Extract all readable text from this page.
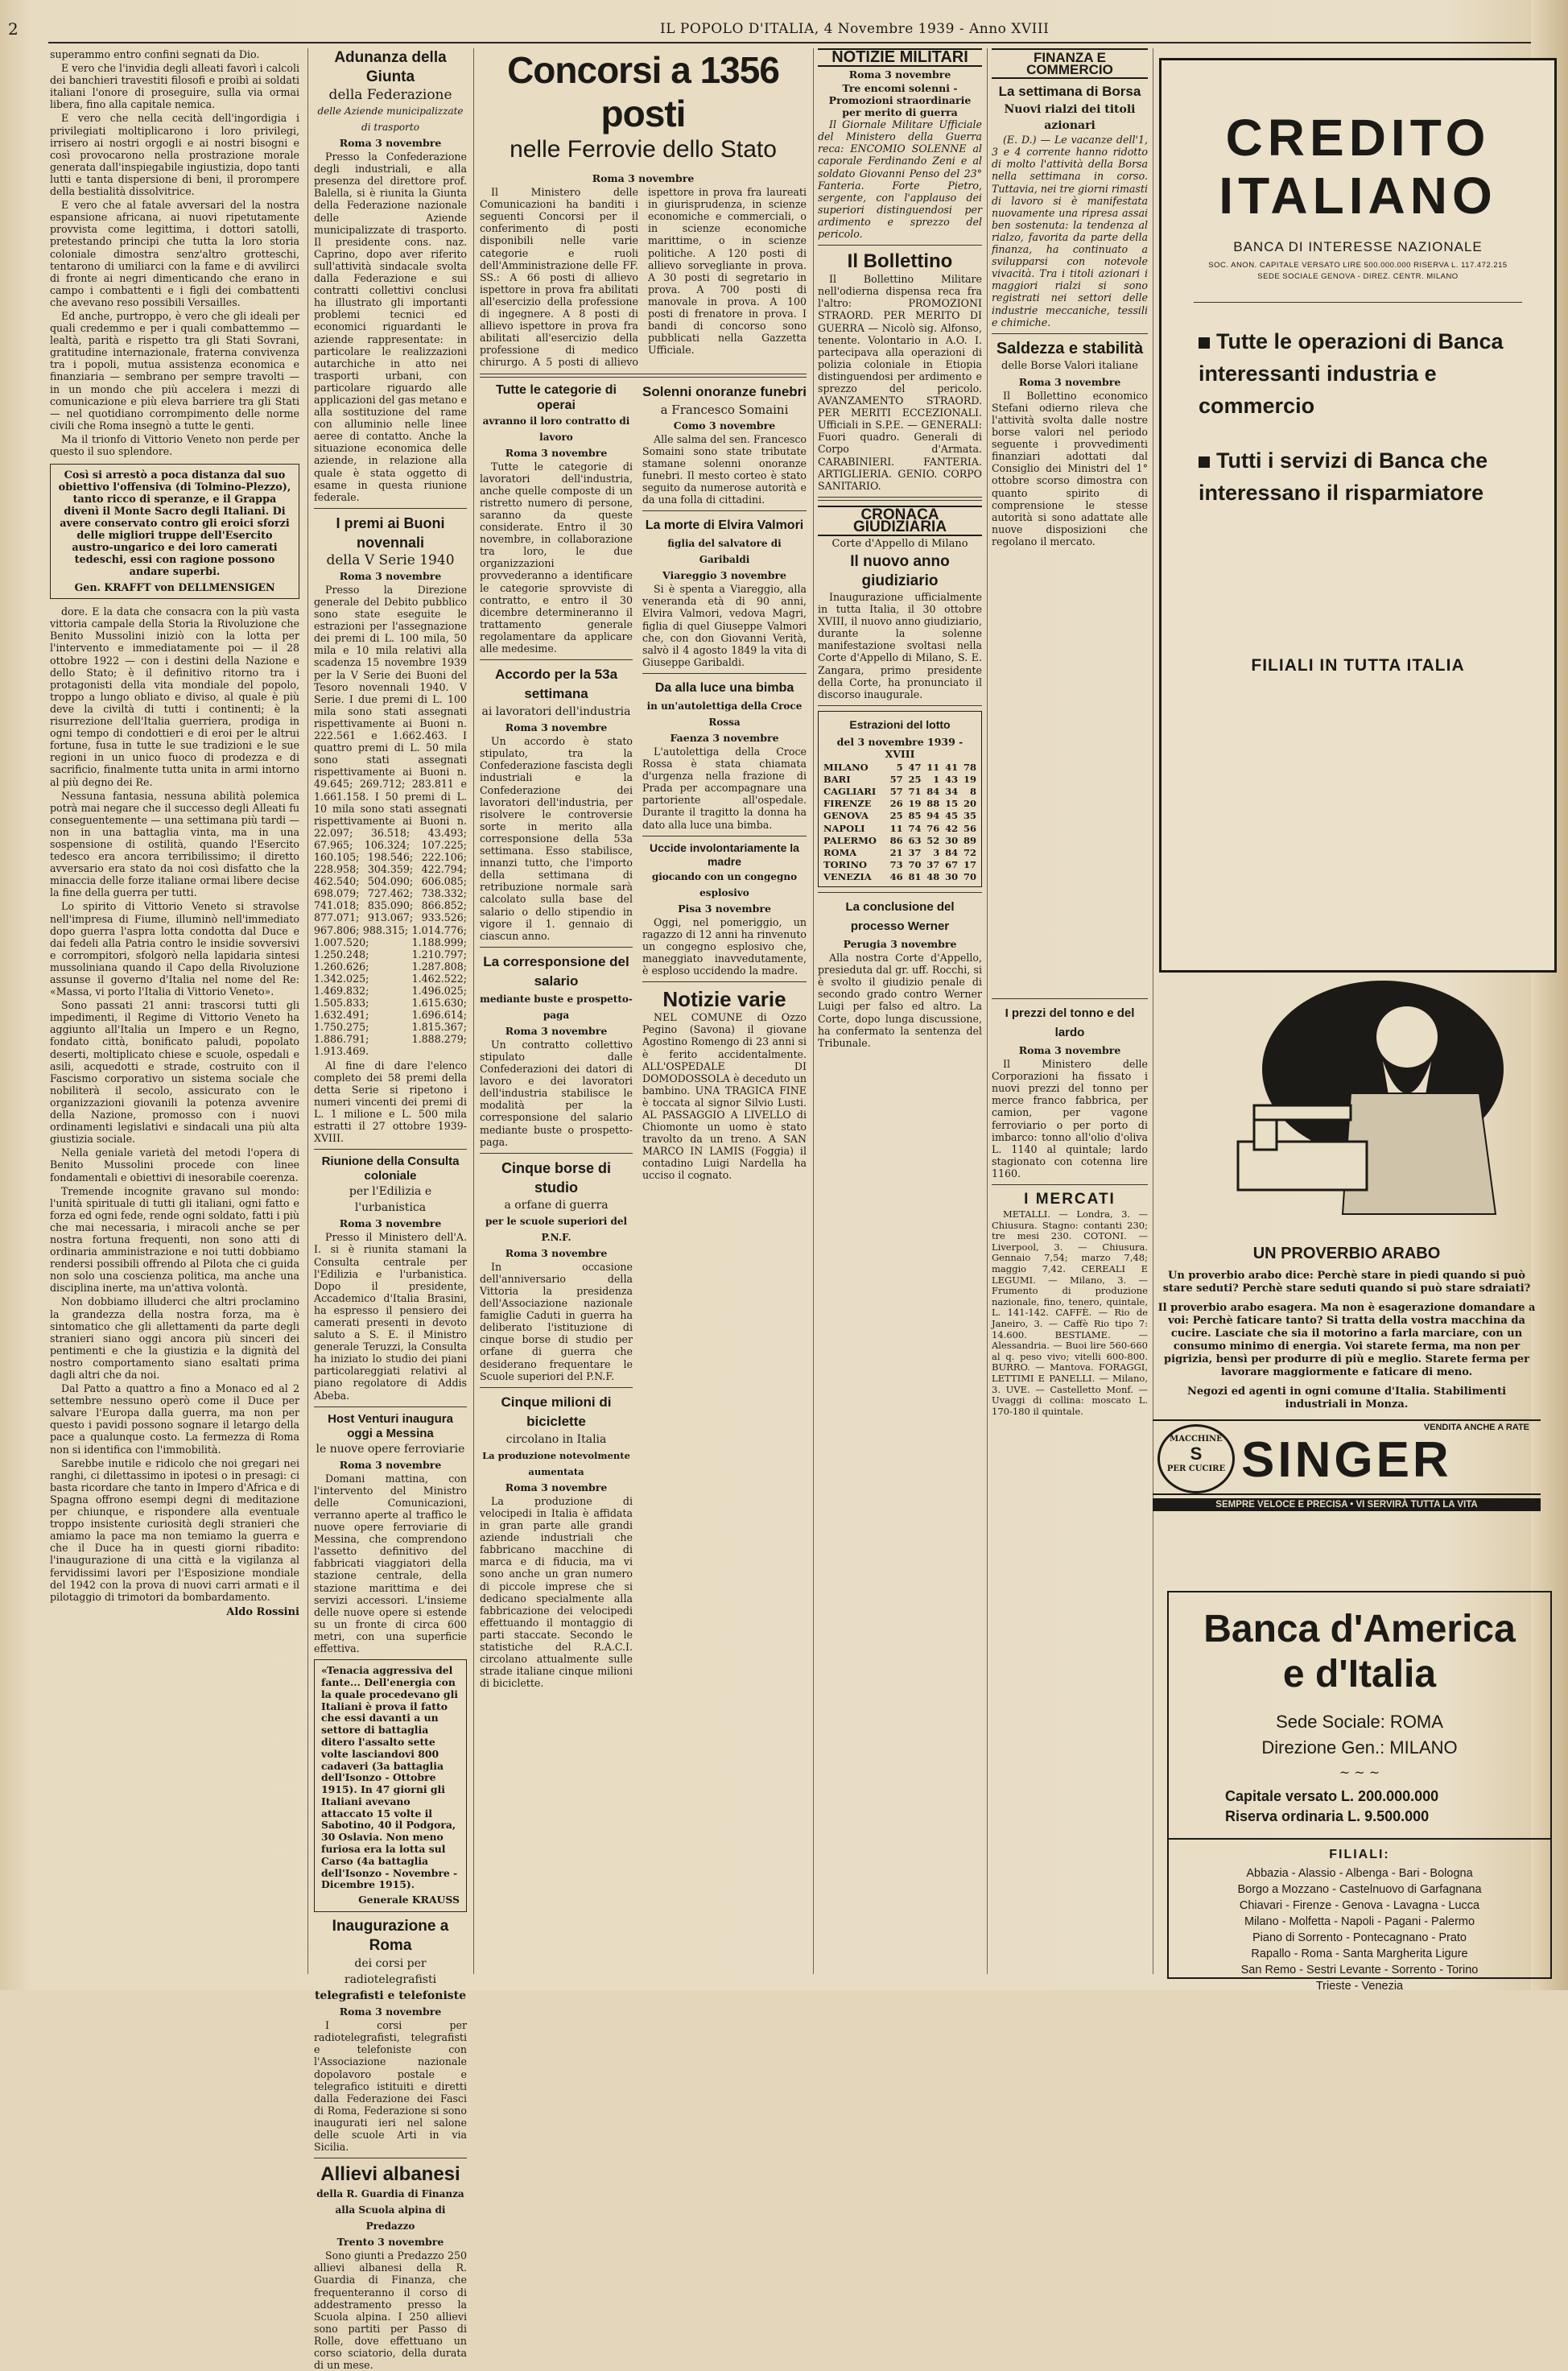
2	IL POPOLO D'ITALIA, 4 Novembre 1939 - Anno XVIII

superammo entro confini segnati da Dio.

E vero che l'invidia degli alleati favorì i calcoli dei banchieri travestiti filosofi e proibì ai soldati italiani l'onore di proseguire, sulla via ormai libera, fino alla capitale nemica.

E vero che nella cecità dell'ingordigia i privilegiati moltiplicarono i loro privilegi, irrisero ai nostri orgogli e ai nostri bisogni e così provocarono nella prostrazione morale generata dall'inspiegabile ingiustizia, dopo tanti lutti e tanta dispersione di beni, il prorompere della bestialità dissolvitrice.

E vero che al fatale avversari del la nostra espansione africana, ai nuovi ripetutamente provvista come legittima, i dottori satolli, pretestando principi che tutta la loro storia coloniale dimostra senz'altro grotteschi, tentarono di umiliarci con la fame e di avvilirci di fronte ai negri dimenticando che erano in campo i combattenti e i figli dei combattenti che avevano reso possibili Versailles.

Ed anche, purtroppo, è vero che gli ideali per quali credemmo e per i quali combattemmo — lealtà, parità e rispetto tra gli Stati Sovrani, gratitudine internazionale, fraterna convivenza tra i popoli, mutua assistenza economica e finanziaria — sembrano per sempre travolti — in un mondo che più accelera i mezzi di comunicazione e più eleva barriere tra gli Stati — nel quotidiano corrompimento delle norme civili che Roma insegnò a tutte le genti.

Ma il trionfo di Vittorio Veneto non perde per questo il suo splendore.

Così si arrestò a poca distanza dal suo obiettivo l'offensiva (di Tolmino-Plezzo), tanto ricco di speranze, e il Grappa divenì il Monte Sacro degli Italiani. Di avere conservato contro gli eroici sforzi delle migliori truppe dell'Esercito austro-ungarico e dei loro camerati tedeschi, essi con ragione possono andare superbi.
Gen. KRAFFT von DELLMENSIGEN

dore. E la data che consacra con la più vasta vittoria campale della Storia la Rivoluzione che Benito Mussolini iniziò con la lotta per l'intervento e immediatamente poi — il 28 ottobre 1922 — con i destini della Nazione e dello Stato; è il definitivo ritorno tra i protagonisti della vita mondiale del popolo, troppo a lungo obliato e diviso, al quale è più deve la civiltà di tutti i continenti; è la risurrezione dell'Italia guerriera, prodiga in ogni tempo di condottieri e di eroi per le altrui fortune, fusa in tutte le sue tradizioni e le sue regioni in un unico fuoco di prodezza e di sacrificio, finalmente tutta unita in armi intorno al più degno dei Re.

Nessuna fantasia, nessuna abilità polemica potrà mai negare che il successo degli Alleati fu conseguentemente — una settimana più tardi — non in una battaglia vinta, ma in una sospensione di ostilità, quando l'Esercito tedesco era ancora terribilissimo; il diretto avversario era stato da noi così disfatto che la minaccia delle forze italiane ormai libere decise la fine della guerra per tutti.

Lo spirito di Vittorio Veneto si stravolse nell'impresa di Fiume, illuminò nell'immediato dopo guerra l'aspra lotta condotta dal Duce e dai fedeli alla Patria contro le insidie sovversivi e corrompitori, sfolgorò nella lapidaria sintesi mussoliniana quando il Capo della Rivoluzione assunse il governo d'Italia nel nome del Re: «Massa, vi porto l'Italia di Vittorio Veneto».

Sono passati 21 anni: trascorsi tutti gli impedimenti, il Regime di Vittorio Veneto ha aggiunto all'Italia un Impero e un Regno, fondato città, bonificato paludi, popolato deserti, moltiplicato chiese e scuole, ospedali e asili, acquedotti e strade, costruito con il Fascismo corporativo un sistema sociale che nobiliterà il secolo, assicurato con le organizzazioni giovanili la potenza avvenire della Nazione, promosso con i nuovi ordinamenti legislativi e sindacali una più alta giustizia sociale.

Nella geniale varietà del metodi l'opera di Benito Mussolini procede con linee fondamentali e obiettivi di inesorabile coerenza.

Tremende incognite gravano sul mondo: l'unità spirituale di tutti gli italiani, ogni fatto e forza ed ogni fede, rende ogni soldato, fatti i più che mai necessaria, i miracoli anche se per nostra fortuna frequenti, non sono atti di ordinaria amministrazione e noi tutti dobbiamo rendersi possibili offrendo al Pilota che ci guida non solo una coscienza politica, ma anche una disciplina inerte, ma un'attiva volontà.

Non dobbiamo illuderci che altri proclamino la grandezza della nostra forza, ma è sintomatico che gli allettamenti da parte degli stranieri siano oggi ancora più sinceri dei pentimenti e che la giustizia e la dignità del nostro comportamento siano esaltati prima dagli altri che da noi.

Dal Patto a quattro a fino a Monaco ed al 2 settembre nessuno operò come il Duce per salvare l'Europa dalla guerra, ma non per questo i pavidi possono sognare il letargo della pace a qualunque costo. La fermezza di Roma non si identifica con l'immobilità.

Sarebbe inutile e ridicolo che noi gregari nei ranghi, ci dilettassimo in ipotesi o in presagi: ci basta ricordare che tanto in Impero d'Africa e di Spagna offrono esempi degni di meditazione per chiunque, e rispondere alla eventuale troppo insistente curiosità degli stranieri che amiamo la pace ma non temiamo la guerra e che il Duce ha in questi giorni ribadito: l'inaugurazione di una città e la vigilanza al fervidissimi lavori per l'Esposizione mondiale del 1942 con la prova di nuovi carri armati e il pilotaggio di trimotori da bombardamento.

Aldo Rossini
Adunanza della Giunta
della Federazione
delle Aziende municipalizzate di trasporto
Roma 3 novembre

Presso la Confederazione degli industriali, e alla presenza del direttore prof. Balella, si è riunita la Giunta della Federazione nazionale delle Aziende municipalizzate di trasporto. Il presidente cons. naz. Caprino, dopo aver riferito sull'attività sindacale svolta dalla Federazione e sui contratti collettivi conclusi ha illustrato gli importanti problemi tecnici ed economici riguardanti le aziende rappresentate: in particolare le realizzazioni autarchiche in atto nei trasporti urbani, con particolare riguardo alle applicazioni del gas metano e alla sostituzione del rame con alluminio nelle linee aeree di contatto. Anche la situazione economica delle aziende, in relazione alla quale è stata oggetto di esame in questa riunione federale.

I premi ai Buoni novennali
della V Serie 1940
Roma 3 novembre

Presso la Direzione generale del Debito pubblico sono state eseguite le estrazioni per l'assegnazione dei premi di L. 100 mila, 50 mila e 10 mila relativi alla scadenza 15 novembre 1939 per la V Serie dei Buoni del Tesoro novennali 1940. V Serie. I due premi di L. 100 mila sono stati assegnati rispettivamente ai Buoni n. 222.561 e 1.662.463. I quattro premi di L. 50 mila sono stati assegnati rispettivamente ai Buoni n. 49.645; 269.712; 283.811 e 1.661.158. I 50 premi di L. 10 mila sono stati assegnati rispettivamente ai Buoni n. 22.097; 36.518; 43.493; 67.965; 106.324; 107.225; 160.105; 198.546; 222.106; 228.958; 304.359; 422.794; 462.540; 504.090; 606.085; 698.079; 727.462; 738.332; 741.018; 835.090; 866.852; 877.071; 913.067; 933.526; 967.806; 988.315; 1.014.776; 1.007.520; 1.188.999; 1.250.248; 1.210.797; 1.260.626; 1.287.808; 1.342.025; 1.462.522; 1.469.832; 1.496.025; 1.505.833; 1.615.630; 1.632.491; 1.696.614; 1.750.275; 1.815.367; 1.886.791; 1.888.279; 1.913.469.

Al fine di dare l'elenco completo dei 58 premi della detta Serie si ripetono i numeri vincenti dei premi di L. 1 milione e L. 500 mila estratti il 27 ottobre 1939-XVIII.

Riunione della Consulta coloniale
per l'Edilizia e l'urbanistica
Roma 3 novembre

Presso il Ministero dell'A. I. si è riunita stamani la Consulta centrale per l'Edilizia e l'urbanistica. Dopo il presidente, Accademico d'Italia Brasini, ha espresso il pensiero dei camerati presenti in devoto saluto a S. E. il Ministro generale Teruzzi, la Consulta ha iniziato lo studio dei piani particolareggiati relativi al piano regolatore di Addis Abeba.

Host Venturi inaugura oggi a Messina
le nuove opere ferroviarie
Roma 3 novembre

Domani mattina, con l'intervento del Ministro delle Comunicazioni, verranno aperte al traffico le nuove opere ferroviarie di Messina, che comprendono l'assetto definitivo del fabbricati viaggiatori della stazione centrale, della stazione marittima e dei servizi accessori. L'insieme delle nuove opere si estende su un fronte di circa 600 metri, con una superficie effettiva.

«Tenacia aggressiva del fante... Dell'energia con la quale procedevano gli Italiani è prova il fatto che essi davanti a un settore di battaglia ditero l'assalto sette volte lasciandovi 800 cadaveri (3a battaglia dell'Isonzo - Ottobre 1915). In 47 giorni gli Italiani avevano attaccato 15 volte il Sabotino, 40 il Podgora, 30 Oslavia. Non meno furiosa era la lotta sul Carso (4a battaglia dell'Isonzo - Novembre - Dicembre 1915).
Generale KRAUSS
Inaugurazione a Roma
dei corsi per radiotelegrafisti
telegrafisti e telefoniste
Roma 3 novembre

I corsi per radiotelegrafisti, telegrafisti e telefoniste con l'Associazione nazionale dopolavoro postale e telegrafico istituiti e diretti dalla Federazione dei Fasci di Roma, Federazione si sono inaugurati ieri nel salone delle scuole Arti in via Sicilia.

Allievi albanesi
della R. Guardia di Finanza
alla Scuola alpina di Predazzo
Trento 3 novembre

Sono giunti a Predazzo 250 allievi albanesi della R. Guardia di Finanza, che frequenteranno il corso di addestramento presso la Scuola alpina. I 250 allievi sono partiti per Passo di Rolle, dove effettuano un corso sciatorio, della durata di un mese.

Concorsi a 1356 posti
nelle Ferrovie dello Stato
Roma 3 novembre

Il Ministero delle Comunicazioni ha banditi i seguenti Concorsi per il conferimento di posti disponibili nelle varie categorie e ruoli dell'Amministrazione delle FF. SS.: A 66 posti di allievo ispettore in prova fra abilitati all'esercizio della professione di ingegnere. A 8 posti di allievo ispettore in prova fra abilitati all'esercizio della professione di medico chirurgo. A 5 posti di allievo ispettore in prova fra laureati in giurisprudenza, in scienze economiche e commerciali, o in scienze economiche marittime, o in scienze politiche. A 120 posti di allievo sorvegliante in prova. A 30 posti di segretario in prova. A 700 posti di manovale in prova. A 100 posti di frenatore in prova. I bandi di concorso sono pubblicati nella Gazzetta Ufficiale.

Tutte le categorie di operai
avranno il loro contratto di lavoro
Roma 3 novembre

Tutte le categorie di lavoratori dell'industria, anche quelle composte di un ristretto numero di persone, saranno da queste considerate. Entro il 30 novembre, in collaborazione tra loro, le due organizzazioni provvederanno a identificare le categorie sprovviste di contratto, e entro il 30 dicembre determineranno il trattamento generale regolamentare da applicare alle medesime.

Accordo per la 53a settimana
ai lavoratori dell'industria
Roma 3 novembre

Un accordo è stato stipulato, tra la Confederazione fascista degli industriali e la Confederazione dei lavoratori dell'industria, per risolvere le controversie sorte in merito alla corresponsione della 53a settimana. Esso stabilisce, innanzi tutto, che l'importo della settimana di retribuzione normale sarà calcolato sulla base del salario o dello stipendio in vigore il 1. gennaio di ciascun anno.

La corresponsione del salario
mediante buste e prospetto-paga
Roma 3 novembre

Un contratto collettivo stipulato dalle Confederazioni dei datori di lavoro e dei lavoratori dell'industria stabilisce le modalità per la corresponsione del salario mediante buste o prospetto-paga.

Cinque borse di studio
a orfane di guerra
per le scuole superiori del P.N.F.
Roma 3 novembre

In occasione dell'anniversario della Vittoria la presidenza dell'Associazione nazionale famiglie Caduti in guerra ha deliberato l'istituzione di cinque borse di studio per orfane di guerra che desiderano frequentare le Scuole superiori del P.N.F.

Cinque milioni di biciclette
circolano in Italia
La produzione notevolmente aumentata
Roma 3 novembre

La produzione di velocipedi in Italia è affidata in gran parte alle grandi aziende industriali che fabbricano macchine di marca e di fiducia, ma vi sono anche un gran numero di piccole imprese che si dedicano specialmente alla fabbricazione dei velocipedi effettuando il montaggio di parti staccate. Secondo le statistiche del R.A.C.I. circolano attualmente sulle strade italiane cinque milioni di biciclette.

Solenni onoranze funebri
a Francesco Somaini
Como 3 novembre

Alle salma del sen. Francesco Somaini sono state tributate stamane solenni onoranze funebri. Il mesto corteo è stato seguito da numerose autorità e da una folla di cittadini.

La morte di Elvira Valmori
figlia del salvatore di Garibaldi
Viareggio 3 novembre

Si è spenta a Viareggio, alla veneranda età di 90 anni, Elvira Valmori, vedova Magri, figlia di quel Giuseppe Valmori che, con don Giovanni Verità, salvò il 4 agosto 1849 la vita di Giuseppe Garibaldi.

Da alla luce una bimba
in un'autolettiga della Croce Rossa
Faenza 3 novembre

L'autolettiga della Croce Rossa è stata chiamata d'urgenza nella frazione di Prada per accompagnare una partoriente all'ospedale. Durante il tragitto la donna ha dato alla luce una bimba.

Uccide involontariamente la madre
giocando con un congegno esplosivo
Pisa 3 novembre

Oggi, nel pomeriggio, un ragazzo di 12 anni ha rinvenuto un congegno esplosivo che, maneggiato inavvedutamente, è esploso uccidendo la madre.

Notizie varie

NEL COMUNE di Ozzo Pegino (Savona) il giovane Agostino Romengo di 23 anni si è ferito accidentalmente. ALL'OSPEDALE DI DOMODOSSOLA è deceduto un bambino. UNA TRAGICA FINE è toccata al signor Silvio Lusti. AL PASSAGGIO A LIVELLO di Chiomonte un uomo è stato travolto da un treno. A SAN MARCO IN LAMIS (Foggia) il contadino Luigi Nardella ha ucciso il cognato.

NOTIZIE MILITARI
Roma 3 novembre
Tre encomi solenni - Promozioni straordinarie per merito di guerra

Il Giornale Militare Ufficiale del Ministero della Guerra reca: ENCOMIO SOLENNE al caporale Ferdinando Zeni e al soldato Giovanni Penso del 23° Fanteria. Forte Pietro, sergente, con l'applauso dei superiori distinguendosi per ardimento e sprezzo del pericolo.

Il Bollettino

Il Bollettino Militare nell'odierna dispensa reca fra l'altro: PROMOZIONI STRAORD. PER MERITO DI GUERRA — Nicolò sig. Alfonso, tenente. Volontario in A.O. I. partecipava alla operazioni di polizia coloniale in Etiopia distinguendosi per ardimento e sprezzo del pericolo. AVANZAMENTO STRAORD. PER MERITI ECCEZIONALI. Ufficiali in S.P.E. — GENERALI: Fuori quadro. Generali di Corpo d'Armata. CARABINIERI. FANTERIA. ARTIGLIERIA. GENIO. CORPO SANITARIO.

CRONACA GIUDIZIARIA
Corte d'Appello di Milano
Il nuovo anno giudiziario

Inaugurazione ufficialmente in tutta Italia, il 30 ottobre XVIII, il nuovo anno giudiziario, durante la solenne manifestazione svoltasi nella Corte d'Appello di Milano, S. E. Zangara, primo presidente della Corte, ha pronunciato il discorso inaugurale.

Estrazioni del lotto
del 3 novembre 1939 - XVIII
MILANO	5	47	11	41	78
BARI	57	25	1	43	19
CAGLIARI	57	71	84	34	8
FIRENZE	26	19	88	15	20
GENOVA	25	85	94	45	35
NAPOLI	11	74	76	42	56
PALERMO	86	63	52	30	89
ROMA	21	37	3	84	72
TORINO	73	70	37	67	17
VENEZIA	46	81	48	30	70
La conclusione del processo Werner
Perugia 3 novembre

Alla nostra Corte d'Appello, presieduta dal gr. uff. Rocchi, si è svolto il giudizio penale di secondo grado contro Werner Luigi per falso ed altro. La Corte, dopo lunga discussione, ha confermato la sentenza del Tribunale.

FINANZA E COMMERCIO
La settimana di Borsa
Nuovi rialzi dei titoli azionari

(E. D.) — Le vacanze dell'1, 3 e 4 corrente hanno ridotto di molto l'attività della Borsa nella settimana in corso. Tuttavia, nei tre giorni rimasti di lavoro si è manifestata nuovamente una ripresa assai ben sostenuta: la tendenza al rialzo, favorita da parte della finanza, ha continuato a svilupparsi con notevole vivacità. Tra i titoli azionari i maggiori rialzi si sono registrati nei settori delle industrie meccaniche, tessili e chimiche.

Saldezza e stabilità
delle Borse Valori italiane
Roma 3 novembre

Il Bollettino economico Stefani odierno rileva che l'attività svolta dalle nostre borse valori nel periodo seguente i provvedimenti finanziari adottati dal Consiglio dei Ministri del 1° ottobre scorso dimostra con quanto spirito di comprensione le stesse autorità si sono adattate alle nuove disposizioni che regolano il mercato.

I prezzi del tonno e del lardo
Roma 3 novembre

Il Ministero delle Corporazioni ha fissato i nuovi prezzi del tonno per merce franco fabbrica, per camion, per vagone ferroviario o per porto di imbarco: tonno all'olio d'oliva L. 1140 al quintale; lardo stagionato con cotenna lire 1160.

I MERCATI

METALLI. — Londra, 3. — Chiusura. Stagno: contanti 230; tre mesi 230. COTONI. — Liverpool, 3. — Chiusura. Gennaio 7,54; marzo 7,48; maggio 7,42. CEREALI E LEGUMI. — Milano, 3. — Frumento di produzione nazionale, fino, tenero, quintale, L. 141-142. CAFFÈ. — Rio de Janeiro, 3. — Caffè Rio tipo 7: 14.600. BESTIAME. — Alessandria. — Buoi lire 560-660 al q. peso vivo; vitelli 600-800. BURRO. — Mantova. FORAGGI, LETTIMI E PANELLI. — Milano, 3. UVE. — Castelletto Monf. — Uvaggi di collina: moscato L. 170-180 il quintale.

CREDITO ITALIANO
BANCA DI INTERESSE NAZIONALE
SOC. ANON. CAPITALE VERSATO LIRE 500.000.000 RISERVA L. 117.472.215
SEDE SOCIALE GENOVA - DIREZ. CENTR. MILANO
Tutte le operazioni di Banca interessanti industria e commercio
Tutti i servizi di Banca che interessano il risparmiatore
FILIALI IN TUTTA ITALIA
UN PROVERBIO ARABO
Un proverbio arabo dice: Perchè stare in piedi quando si può stare seduti? Perchè stare seduti quando si può stare sdraiati?
Il proverbio arabo esagera. Ma non è esagerazione domandare a voi: Perchè faticare tanto? Si tratta della vostra macchina da cucire. Lasciate che sia il motorino a farla marciare, con un consumo minimo di energia. Voi starete ferma, ma non per pigrizia, bensì per produrre di più e meglio. Starete ferma per lavorare maggiormente e faticare di meno.
Negozi ed agenti in ogni comune d'Italia. Stabilimenti industriali in Monza.
MACCHINE
S
PER CUCIRE
VENDITA ANCHE A RATE
SINGER
SEMPRE VELOCE E PRECISA • VI SERVIRÀ TUTTA LA VITA
Banca d'America
e d'Italia
Sede Sociale: ROMA
Direzione Gen.: MILANO
~ ~ ~
Capitale versato L. 200.000.000
Riserva ordinaria L. 9.500.000
FILIALI:
Abbazia - Alassio - Albenga - Bari - Bologna
Borgo a Mozzano - Castelnuovo di Garfagnana
Chiavari - Firenze - Genova - Lavagna - Lucca
Milano - Molfetta - Napoli - Pagani - Palermo
Piano di Sorrento - Pontecagnano - Prato
Rapallo - Roma - Santa Margherita Ligure
San Remo - Sestri Levante - Sorrento - Torino
Trieste - Venezia
